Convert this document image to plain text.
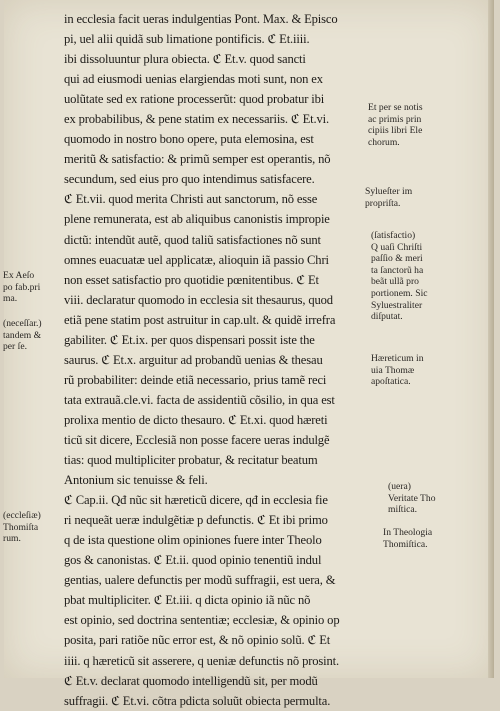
in ecclesia facit ueras indulgentias Pont. Max. & Episco
pi, uel alii quidã sub limatione pontificis. ℭ Et.iiii.
ibi dissoluuntur plura obiecta. ℭ Et.v. quod sancti
qui ad eiusmodi uenias elargiendas moti sunt, non ex
uolũtate sed ex ratione processerũt: quod probatur ibi
ex probabilibus, & pene statim ex necessariis. ℭ Et.vi.
quomodo in nostro bono opere, puta elemosina, est
meritũ & satisfactio: & primũ semper est operantis, nõ
secundum, sed eius pro quo intendimus satisfacere.
ℭ Et.vii. quod merita Christi aut sanctorum, nõ esse
plene remunerata, est ab aliquibus canonistis impropie
dictũ: intendũt autẽ, quod taliũ satisfactiones nõ sunt
omnes euacuatæ uel applicatæ, alioquin iã passio Chri
non esset satisfactio pro quotidie pœnitentibus. ℭ Et
viii. declaratur quomodo in ecclesia sit thesaurus, quod
etiã pene statim post astruitur in cap.ult. & quidẽ irrefra
gabiliter. ℭ Et.ix. per quos dispensari possit iste the
saurus. ℭ Et.x. arguitur ad probandũ uenias & thesau
rũ probabiliter: deinde etiã necessario, prius tamẽ reci
tata extrauã.cle.vi. facta de assidentiũ cõsilio, in qua est
prolixa mentio de dicto thesauro. ℭ Et.xi. quod hæreti
ticũ sit dicere, Ecclesiã non posse facere ueras indulgẽ
tias: quod multipliciter probatur, & recitatur beatum
Antonium sic tenuisse & feli.
ℭ Cap.ii. Qđ nũc sit hæreticũ dicere, qđ in ecclesia fie
ri nequeãt ueræ indulgẽtiæ p defunctis. ℭ Et ibi primo
q de ista questione olim opiniones fuere inter Theolo
gos & canonistas. ℭ Et.ii. quod opinio tenentiũ indul
gentias, ualere defunctis per modũ suffragii, est uera, &
pbat multipliciter. ℭ Et.iii. q dicta opinio iã nũc nõ
est opinio, sed doctrina sententiæ; ecclesiæ, & opinio op
posita, pari ratiõe nũc error est, & nõ opinio solũ. ℭ Et
iiii. q hæreticũ sit asserere, q ueniæ defunctis nõ prosint.
ℭ Et.v. declarat quomodo intelligendũ sit, per modũ
suffragii. ℭ Et.vi. cõtra pdicta soluũt obiecta permulta.
Et per se notis
ac primis prin
cipiis libri Ele
chorum.
Sylueſter im
propriſta.
(ſatisfactio)
Q uaſi Chriſti
paſſio & meri
ta ſanctorũ ha
beãt ullã pro
portionem. Sic
Syluestraliter
diſputat.
Hæreticum in
uia Thomæ
apoſtatica.
(uera)
Veritate Tho
miſtica.
In Theologia
Thomiſtica.
Ex Aeſo
po fab.pri
ma.
(neceſſar.)
tandem &
per ſe.
(eccleſiæ)
Thomiſta
rum.
